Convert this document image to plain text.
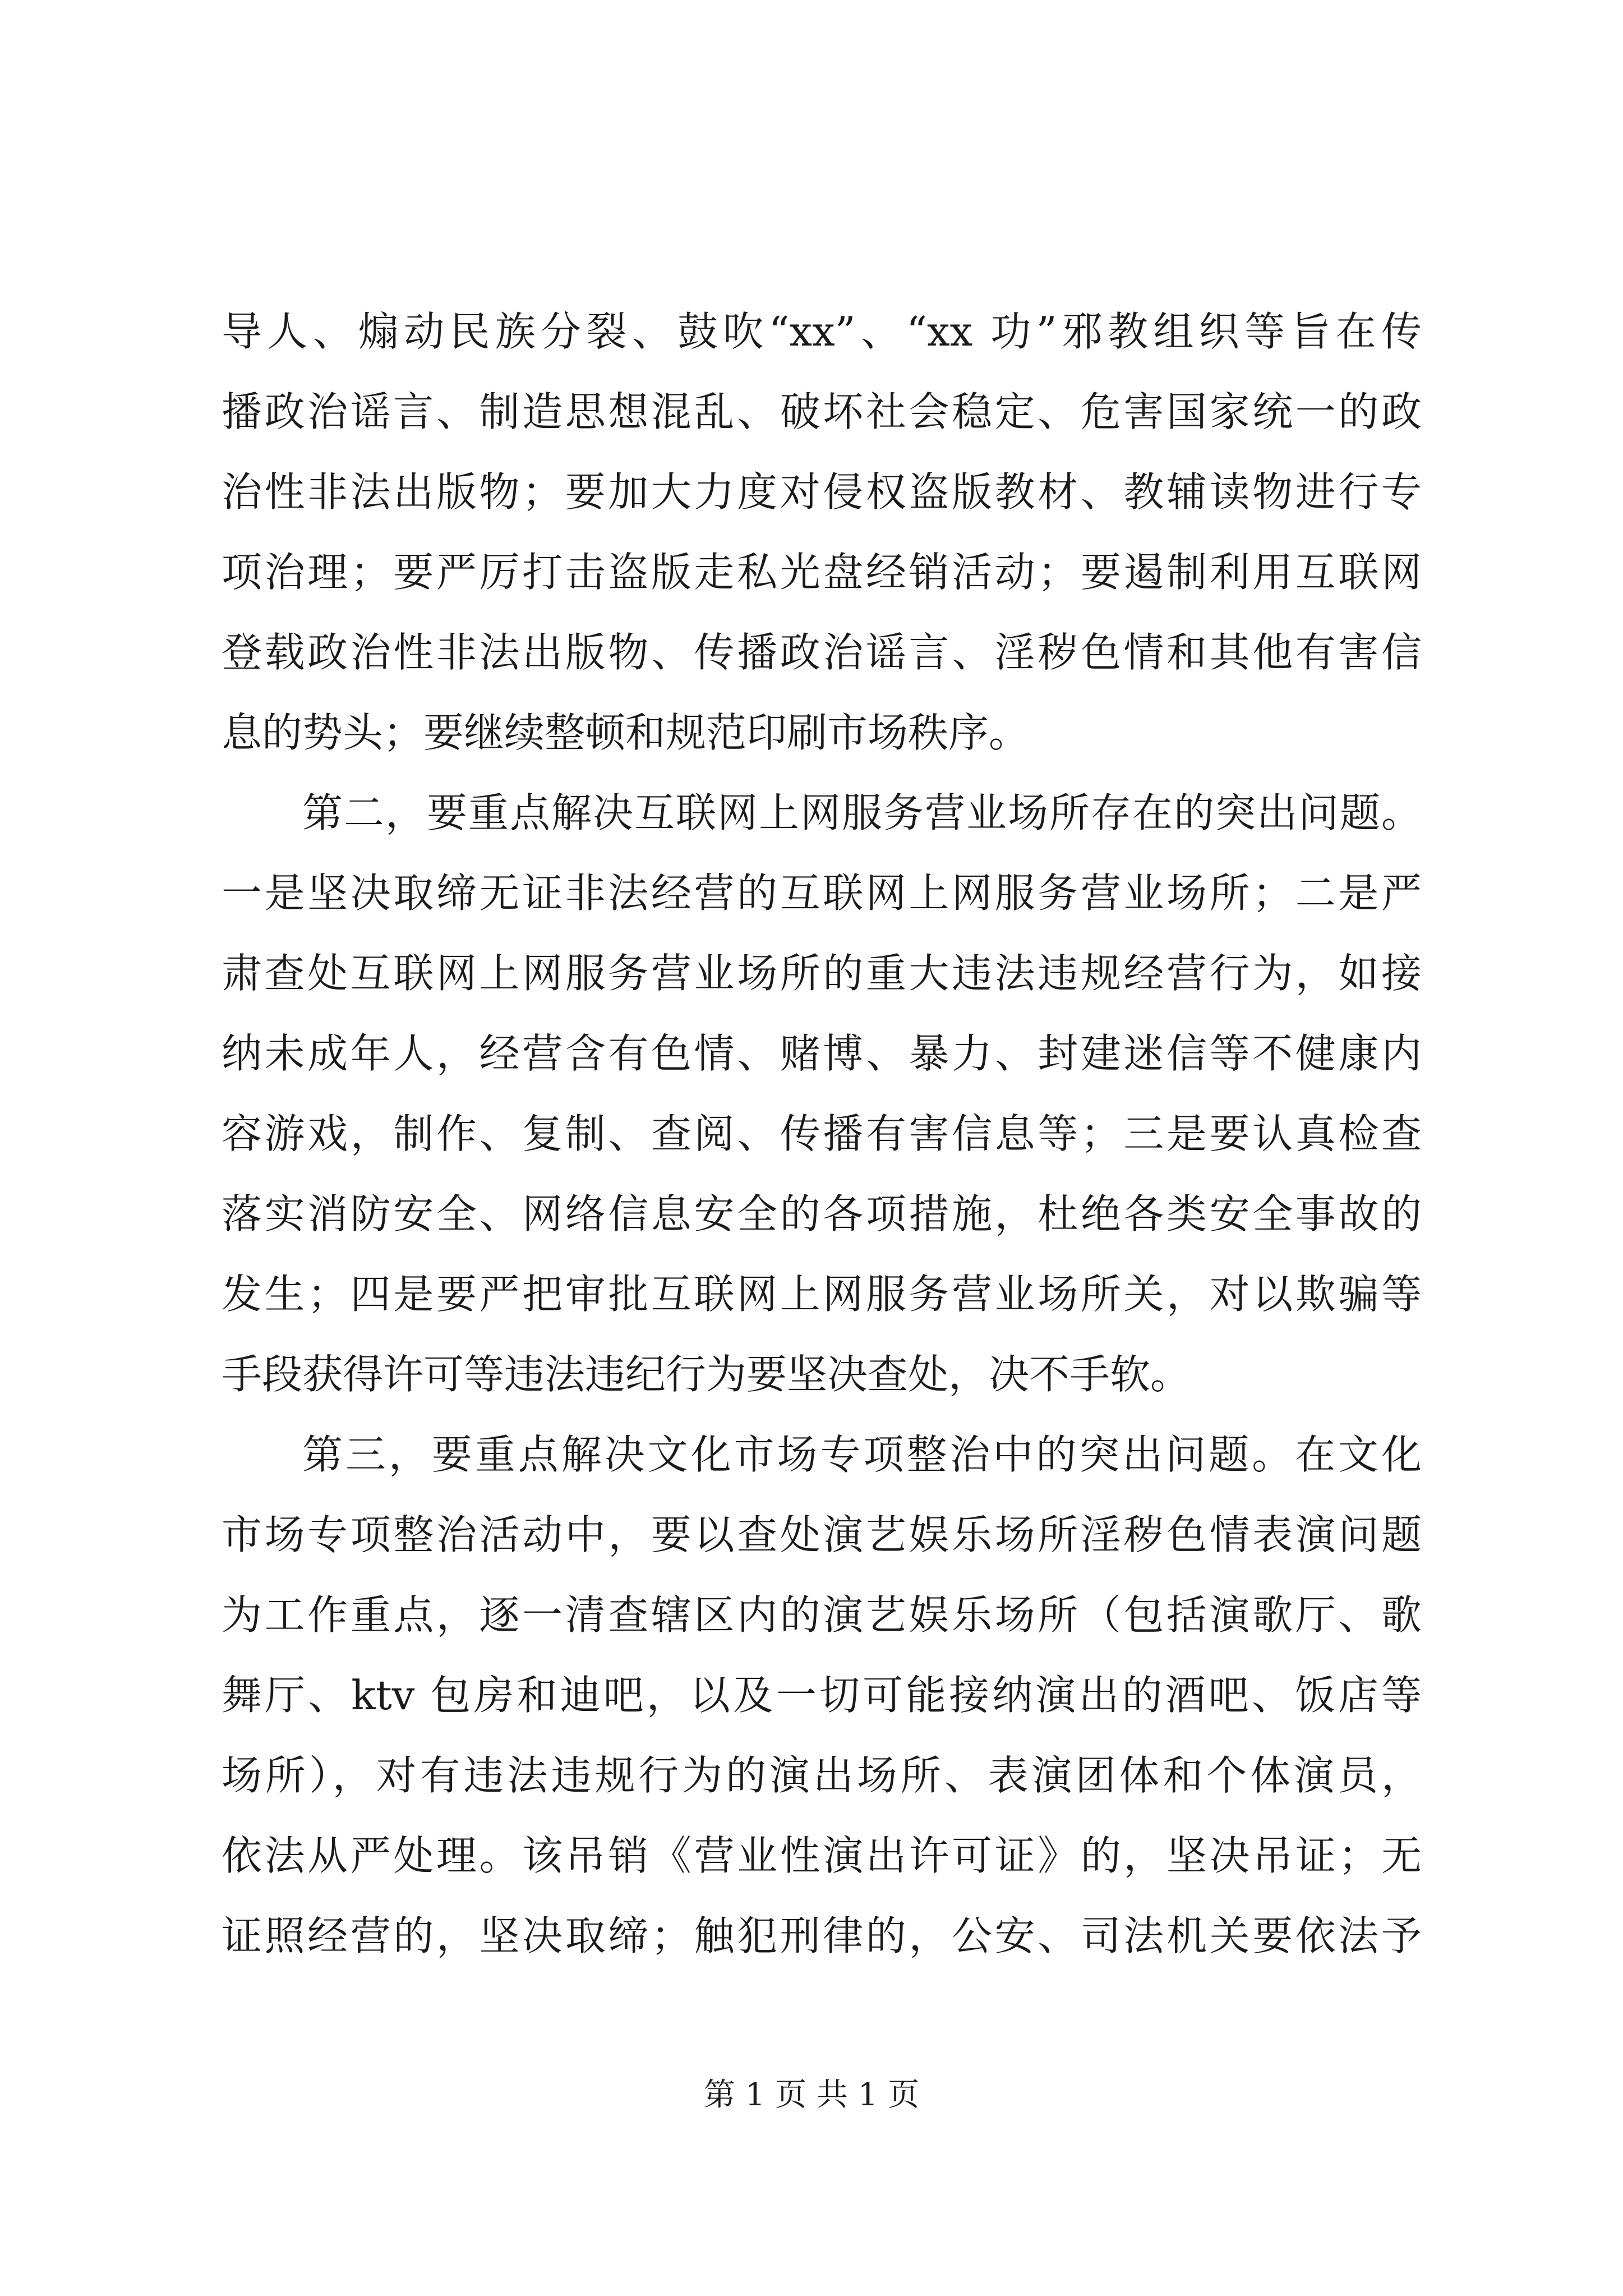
导人、煽动民族分裂、鼓吹“xx”、“xx 功”邪教组织等旨在传
播政治谣言、制造思想混乱、破坏社会稳定、危害国家统一的政
治性非法出版物；要加大力度对侵权盗版教材、教辅读物进行专
项治理；要严厉打击盗版走私光盘经销活动；要遏制利用互联网
登载政治性非法出版物、传播政治谣言、淫秽色情和其他有害信
息的势头；要继续整顿和规范印刷市场秩序。
第二，要重点解决互联网上网服务营业场所存在的突出问题。
一是坚决取缔无证非法经营的互联网上网服务营业场所；二是严
肃查处互联网上网服务营业场所的重大违法违规经营行为，如接
纳未成年人，经营含有色情、赌博、暴力、封建迷信等不健康内
容游戏，制作、复制、查阅、传播有害信息等；三是要认真检查
落实消防安全、网络信息安全的各项措施，杜绝各类安全事故的
发生；四是要严把审批互联网上网服务营业场所关，对以欺骗等
手段获得许可等违法违纪行为要坚决查处，决不手软。
第三，要重点解决文化市场专项整治中的突出问题。在文化
市场专项整治活动中，要以查处演艺娱乐场所淫秽色情表演问题
为工作重点，逐一清查辖区内的演艺娱乐场所（包括演歌厅、歌
舞厅、ktv 包房和迪吧，以及一切可能接纳演出的酒吧、饭店等
场所），对有违法违规行为的演出场所、表演团体和个体演员，
依法从严处理。该吊销《营业性演出许可证》的，坚决吊证；无
证照经营的，坚决取缔；触犯刑律的，公安、司法机关要依法予
第 1 页 共 1 页
